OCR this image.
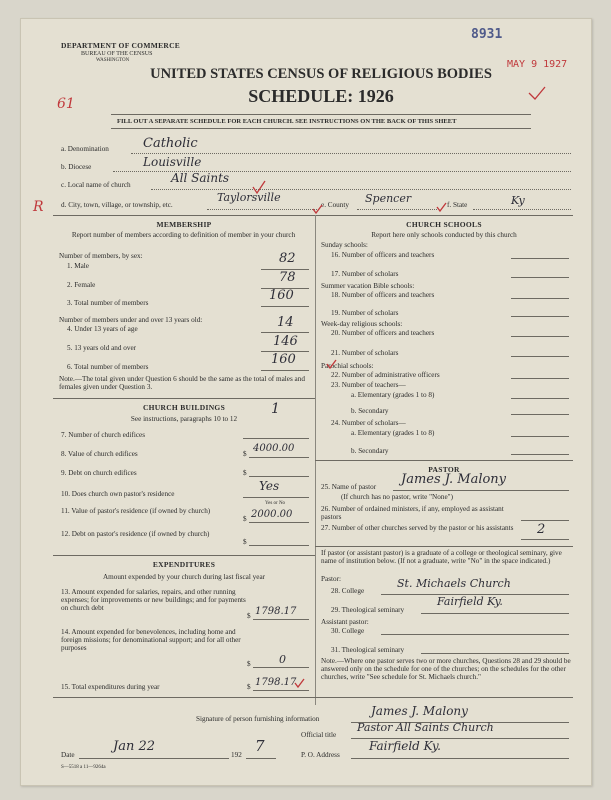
DEPARTMENT OF COMMERCE
BUREAU OF THE CENSUS
WASHINGTON
8931
MAY 9 1927
UNITED STATES CENSUS OF RELIGIOUS BODIES
SCHEDULE: 1926
61
FILL OUT A SEPARATE SCHEDULE FOR EACH CHURCH. SEE INSTRUCTIONS ON THE BACK OF THIS SHEET
a. Denomination	Catholic
b. Diocese	Louisville
c. Local name of church	All Saints
R d. City, town, village, or township, etc.
Taylorsville
e. County Spencer	f. State	Ky
MEMBERSHIP
Report number of members according to definition of member in your church
Number of members, by sex:
1. Male	82
2. Female	78
3. Total number of members	160
Number of members under and over 13 years old:
4. Under 13 years of age	14
5. 13 years old and over	146
6. Total number of members	160
Note.—The total given under Question 6 should be the same as the total of males and females given under Question 3.
CHURCH BUILDINGS
See instructions, paragraphs 10 to 12
7. Number of church edifices
1
8. Value of church edifices	$ 4000.00
9. Debt on church edifices	$
10. Does church own pastor's residence
Yes
Yes or No
11. Value of pastor's residence (if owned by church)
$ 2000.00
12. Debt on pastor's residence (if owned by church)
$
EXPENDITURES
Amount expended by your church during last fiscal year
13. Amount expended for salaries, repairs, and other running expenses; for improvements or new buildings; and for payments on church debt
$ 1798.17
14. Amount expended for benevolences, including home and foreign missions; for denominational support; and for all other purposes
$	0
15. Total expenditures during year	$ 1798.17
CHURCH SCHOOLS
Report here only schools conducted by this church
Sunday schools:
16. Number of officers and teachers
17. Number of scholars
Summer vacation Bible schools:
18. Number of officers and teachers
19. Number of scholars
Week-day religious schools:
20. Number of officers and teachers
21. Number of scholars
Parochial schools:
22. Number of administrative officers
23. Number of teachers—
a. Elementary (grades 1 to 8)
b. Secondary
24. Number of scholars—
a. Elementary (grades 1 to 8)
b. Secondary
PASTOR
25. Name of pastor James J. Malony
(If church has no pastor, write "None")
26. Number of ordained ministers, if any, employed as assistant pastors
27. Number of other churches served by the pastor or his assistants	2
If pastor (or assistant pastor) is a graduate of a college or theological seminary, give name of institution below. (If not a graduate, write "No" in the space indicated.)
Pastor:
28. College
St. Michaels Church
29. Theological seminary
Fairfield Ky.
Assistant pastor:
30. College
31. Theological seminary
Note.—Where one pastor serves two or more churches, Questions 28 and 29 should be answered only on the schedule for one of the churches; on the schedules for the other churches, write "See schedule for St. Michaels church."
Signature of person furnishing information
James J. Malony
Official title
Pastor All Saints Church
Date
Jan 22
192 7	P. O. Address
Fairfield Ky.
S—5518 a 11—9264a
